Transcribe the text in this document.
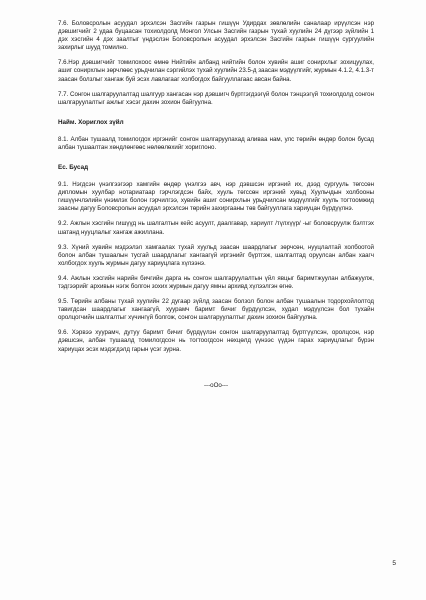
7.6. Боловсролын асуудал эрхэлсэн Засгийн газрын гишүүн Удирдах зөвлөлийн саналаар ирүүлсэн нэр дэвшигчийг 2 удаа буцаасан тохиолдолд Монгол Улсын Засгийн газрын тухай хуулийн 24 дүгээр зүйлийн 1 дэх хэсгийн 4 дэх заалтыг үндэслэн Боловсролын асуудал эрхэлсэн Засгийн газрын гишүүн сургуулийн захирлыг шууд томилно.

7.6.Нэр дэвшигчийг томилохоос өмнө Нийтийн албанд нийтийн болон хувийн ашиг сонирхлыг зохицуулах, ашиг сонирхлын зөрчлөөс урьдчилан сэргийлэх тухай хуулийн 23.5-д заасан мэдүүлгийг, журмын 4.1.2, 4.1.3-т заасан болзлыг хангаж буй эсэх лавлагааг холбогдох байгууллагаас авсан байна.

7.7. Сонгон шалгаруулалтад шалгуур хангасан нэр дэвшигч бүртгэгдээгүй болон тэнцээгүй тохиолдолд сонгон шалгаруулалтыг ажлыг хэсэг дахин зохион байгуулна.

Найм. Хориглох зүйл

8.1. Албан тушаалд томилогдох иргэнийг сонгон шалгаруулахад аливаа нам, улс төрийн өндөр болон бусад албан тушаалтан хөндлөнгөөс нөлөөлөхийг хориглоно.

Ес. Бусад

9.1. Нэгдсэн үнэлгээгээр хамгийн өндөр үнэлгээ авч, нэр дэвшсэн иргэний их, дээд сургууль төгссөн дипломын хуулбар нотариатаар гэрчлэгдсэн байх, хууль төгссөн иргэний хувьд Хуульчдын холбооны гишүүнчлэлийн үнэмлэх болон гэрчилгээ, хувийн ашиг сонирхлын урьдчилсан мэдүүлгийг хууль тогтоомжид заасны дагуу Боловсролын асуудал эрхэлсэн төрийн захиргааны төв байгууллага хариуцан бүрдүүлнэ.

9.2. Ажлын хэсгийн гишүүд нь шалгалтын кейс асуулт, даалгавар, хариулт /түлхүүр/ -ыг боловсруулж бэлтгэх шатанд нууцлалыг хангаж ажиллана.

9.3. Хүний хувийн мэдээлэл хамгаалах тухай хуульд заасан шаардлагыг зөрчсөн, нууцлалтай холбоотой болон албан тушаалын тусгай шаардлагыг хангаагүй иргэнийг бүртгэж, шалгалтад оруулсан албан хаагч холбогдох хууль журмын дагуу хариуцлага хүлээнэ.

9.4. Ажлын хэсгийн нарийн бичгийн дарга нь сонгон шалгаруулалтын үйл явцыг баримтжуулан албажуулж, тэдгээрийг архивын нэгж болгон зохих журмын дагуу ямны архивд хүлээлгэн өгнө.

9.5. Төрийн албаны тухай хуулийн 22 дугаар зүйлд заасан болзол болон албан тушаалын тодорхойлолтод тавигдсан шаардлагыг хангаагүй, хуурамч баримт бичиг бүрдүүлсэн, худал мэдүүлсэн бол тухайн оролцогчийн шалгалтыг хүчингүй болгож, сонгон шалгаруулалтыг дахин зохион байгуулна.

9.6. Хэрвээ хуурамч, дутуу баримт бичиг бүрдүүлэн сонгон шалгаруулалтад бүртгүүлсэн, оролцсон, нэр дэвшсэн, албан тушаалд томилогдсон нь тогтоогдсон нөхцөлд үүнээс үүдэн гарах хариуцлагыг бүрэн хариуцах эсэх мэдэгдэлд гарын үсэг зурна.

---oOo---
5
